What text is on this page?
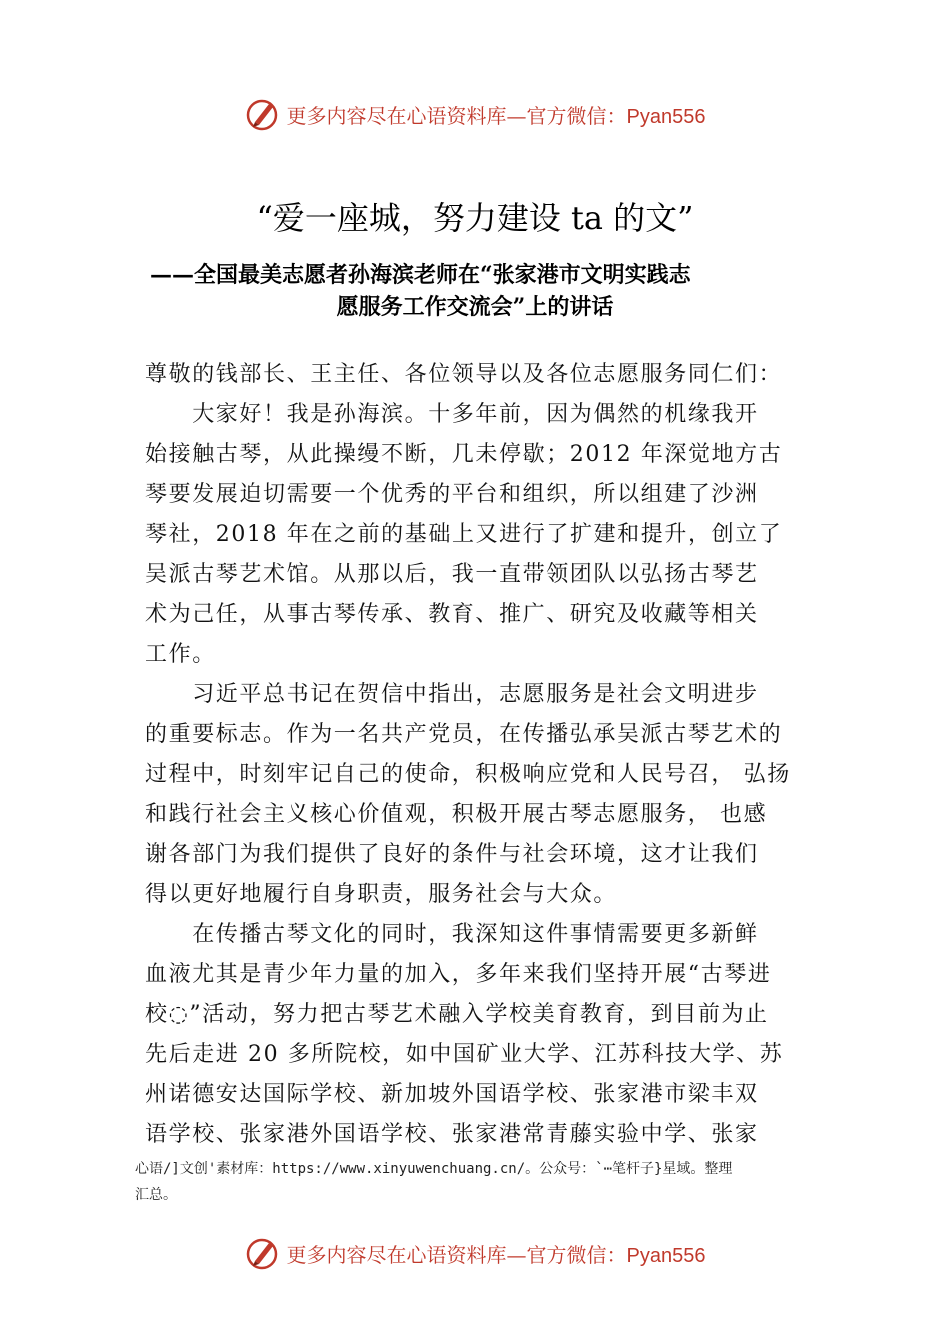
更多内容尽在心语资料库—官方微信：Pyan556
“爱一座城，努力建设 ta 的文”
——全国最美志愿者孙海滨老师在“张家港市文明实践志
愿服务工作交流会”上的讲话
尊敬的钱部长、王主任、各位领导以及各位志愿服务同仁们：
　　大家好！我是孙海滨。十多年前，因为偶然的机缘我开
始接触古琴，从此操缦不断，几未停歇；2012 年深觉地方古
琴要发展迫切需要一个优秀的平台和组织，所以组建了沙洲
琴社，2018 年在之前的基础上又进行了扩建和提升，创立了
吴派古琴艺术馆。从那以后，我一直带领团队以弘扬古琴艺
术为己任，从事古琴传承、教育、推广、研究及收藏等相关
工作。
　　习近平总书记在贺信中指出，志愿服务是社会文明进步
的重要标志。作为一名共产党员，在传播弘承吴派古琴艺术的
过程中，时刻牢记自己的使命，积极响应党和人民号召， 弘扬
和践行社会主义核心价值观，积极开展古琴志愿服务， 也感
谢各部门为我们提供了良好的条件与社会环境，这才让我们
得以更好地履行自身职责，服务社会与大众。
　　在传播古琴文化的同时，我深知这件事情需要更多新鲜
血液尤其是青少年力量的加入，多年来我们坚持开展“古琴进
校◌”活动，努力把古琴艺术融入学校美育教育，到目前为止
先后走进 20 多所院校，如中国矿业大学、江苏科技大学、苏
州诺德安达国际学校、新加坡外国语学校、张家港市梁丰双
语学校、张家港外国语学校、张家港常青藤实验中学、张家
心语/]文创'素材库：https://www.xinyuwenchuang.cn/。公众号：`⋯笔杆子}星域。整理
汇总。
更多内容尽在心语资料库—官方微信：Pyan556
